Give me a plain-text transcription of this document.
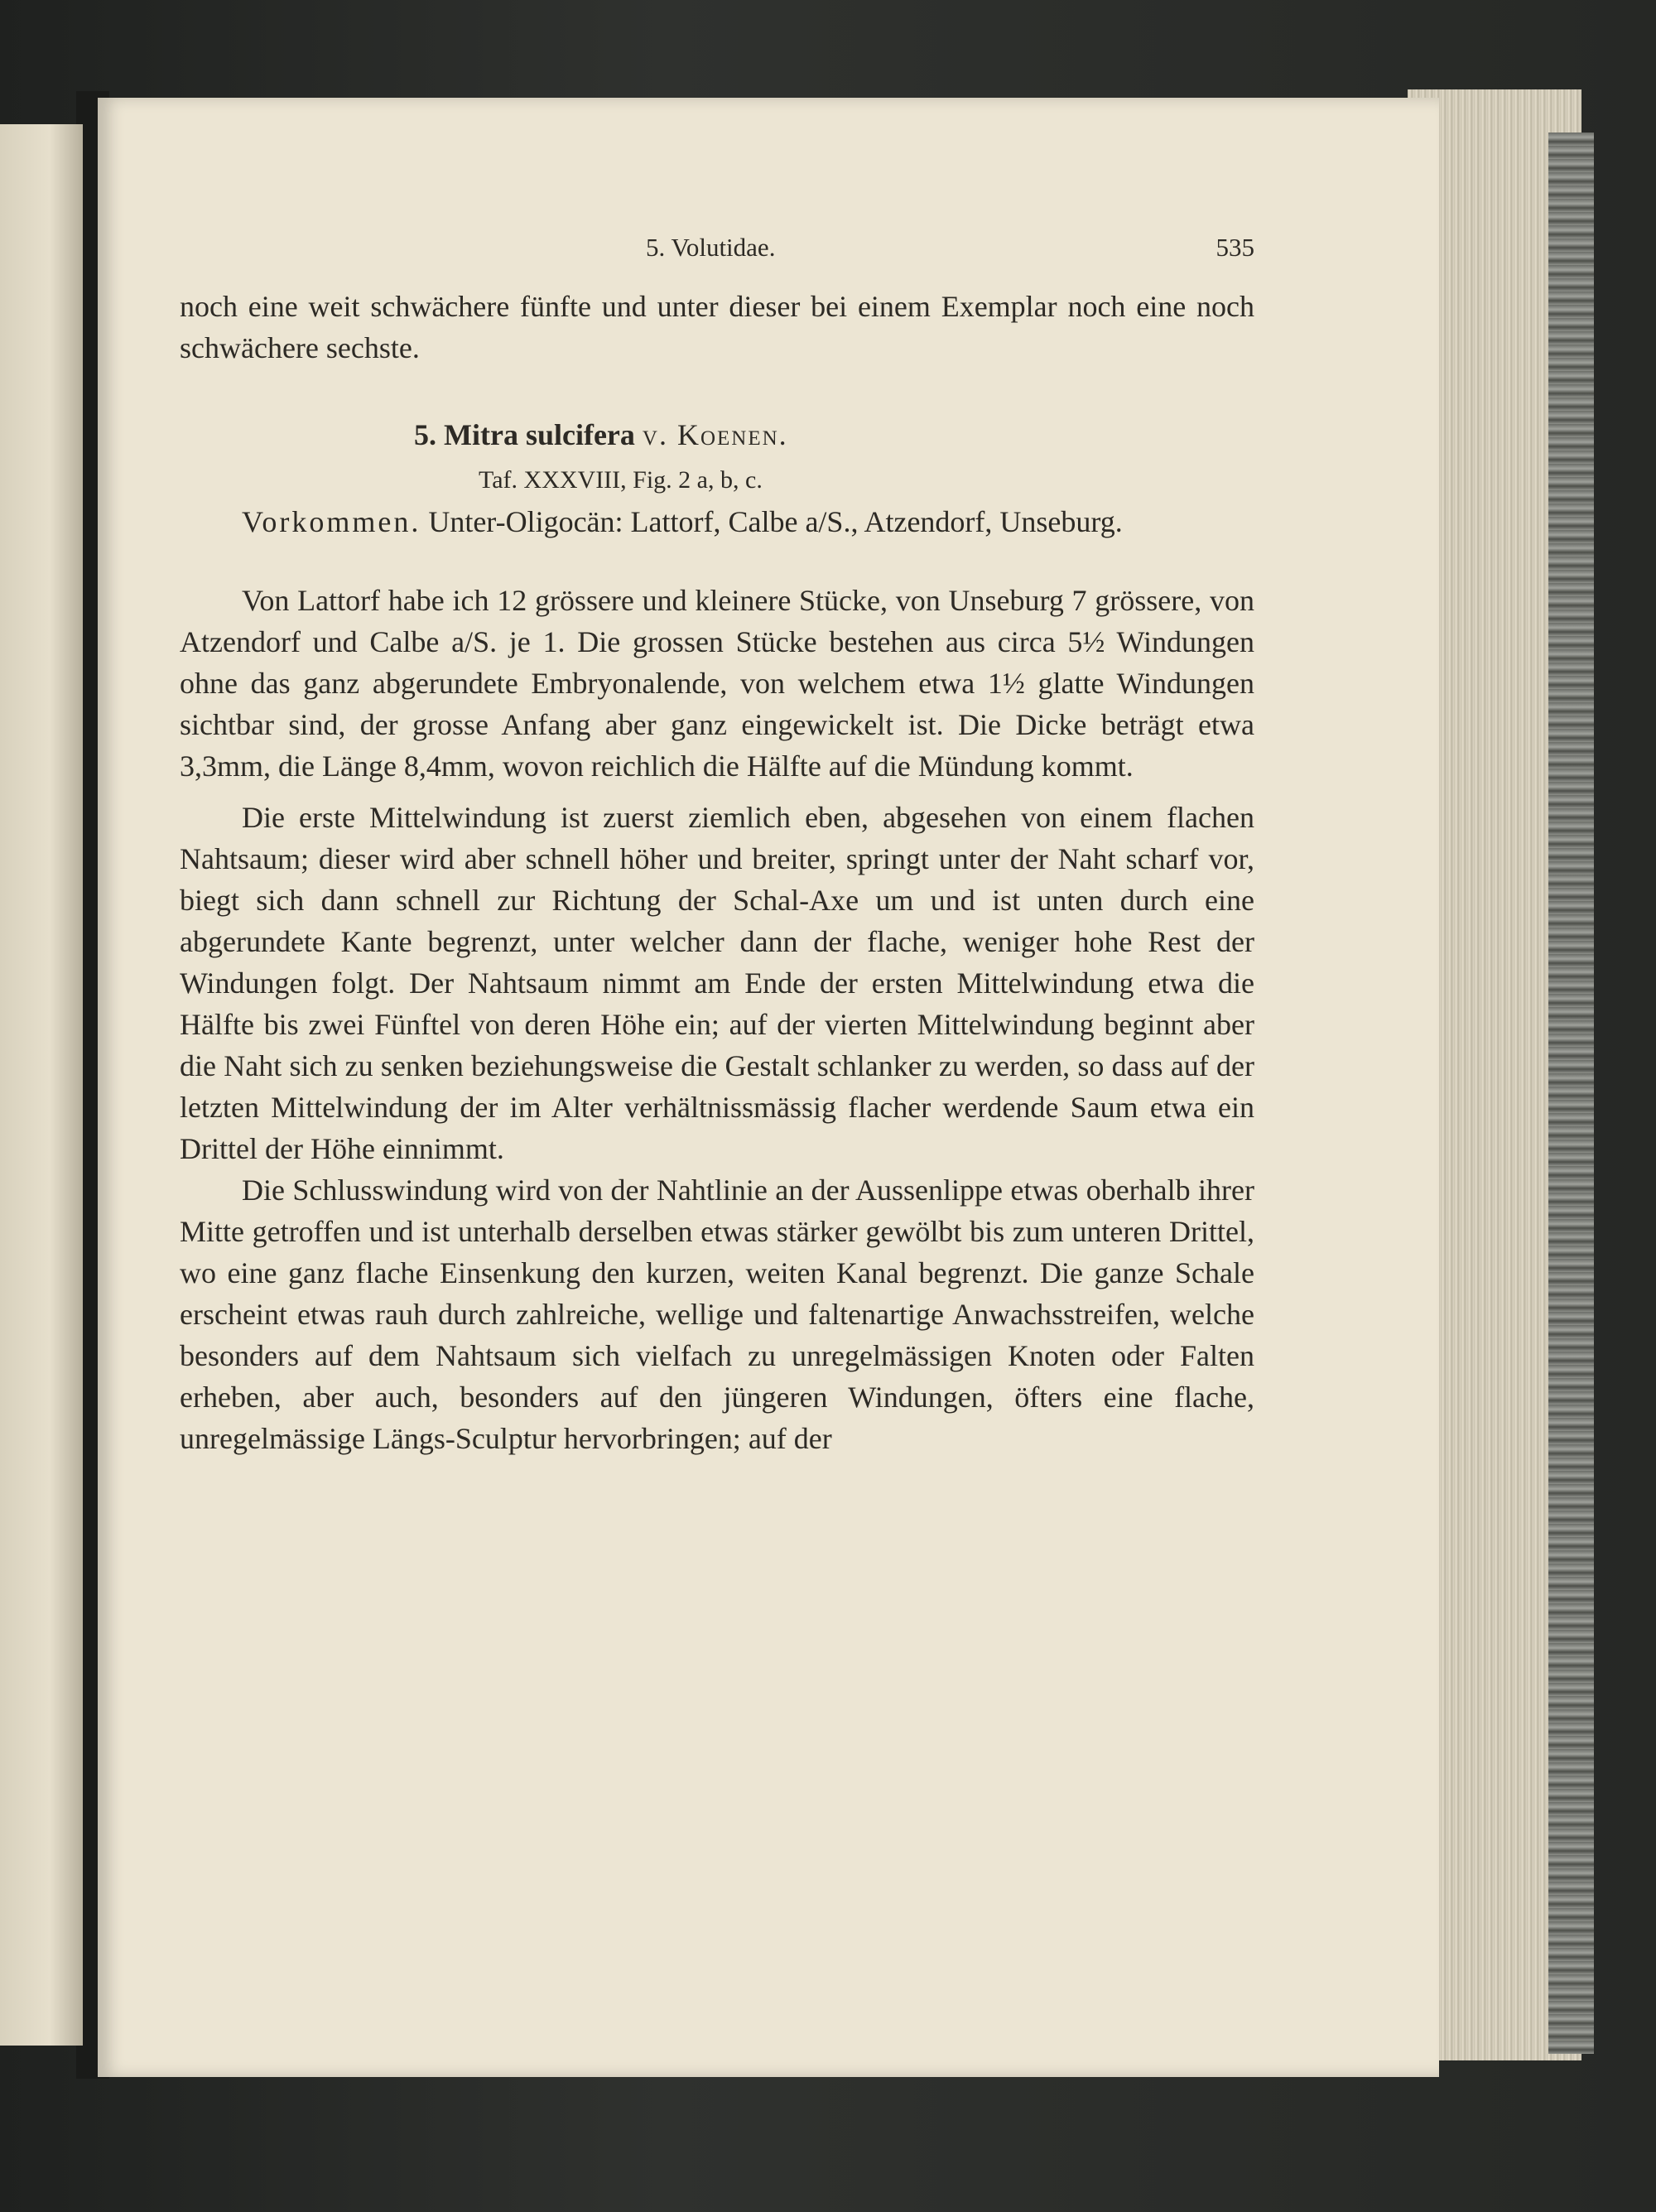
5. Volutidae.	535

noch eine weit schwächere fünfte und unter dieser bei einem Exemplar noch eine noch schwächere sechste.

5. Mitra sulcifera v. Koenen.
Taf. XXXVIII, Fig. 2 a, b, c.

Vorkommen. Unter-Oligocän: Lattorf, Calbe a/S., Atzendorf, Unseburg.

Von Lattorf habe ich 12 grössere und kleinere Stücke, von Unseburg 7 grössere, von Atzendorf und Calbe a/S. je 1. Die grossen Stücke bestehen aus circa 5½ Windungen ohne das ganz abgerundete Embryonalende, von welchem etwa 1½ glatte Windungen sichtbar sind, der grosse Anfang aber ganz eingewickelt ist. Die Dicke beträgt etwa 3,3mm, die Länge 8,4mm, wovon reichlich die Hälfte auf die Mündung kommt.

Die erste Mittelwindung ist zuerst ziemlich eben, abgesehen von einem flachen Nahtsaum; dieser wird aber schnell höher und breiter, springt unter der Naht scharf vor, biegt sich dann schnell zur Richtung der Schal-Axe um und ist unten durch eine abgerundete Kante begrenzt, unter welcher dann der flache, weniger hohe Rest der Windungen folgt. Der Nahtsaum nimmt am Ende der ersten Mittelwindung etwa die Hälfte bis zwei Fünftel von deren Höhe ein; auf der vierten Mittelwindung beginnt aber die Naht sich zu senken beziehungsweise die Gestalt schlanker zu werden, so dass auf der letzten Mittelwindung der im Alter verhältnissmässig flacher werdende Saum etwa ein Drittel der Höhe einnimmt.

Die Schlusswindung wird von der Nahtlinie an der Aussenlippe etwas oberhalb ihrer Mitte getroffen und ist unterhalb derselben etwas stärker gewölbt bis zum unteren Drittel, wo eine ganz flache Einsenkung den kurzen, weiten Kanal begrenzt. Die ganze Schale erscheint etwas rauh durch zahlreiche, wellige und faltenartige Anwachsstreifen, welche besonders auf dem Nahtsaum sich vielfach zu unregelmässigen Knoten oder Falten erheben, aber auch, besonders auf den jüngeren Windungen, öfters eine flache, unregelmässige Längs-Sculptur hervorbringen; auf der
